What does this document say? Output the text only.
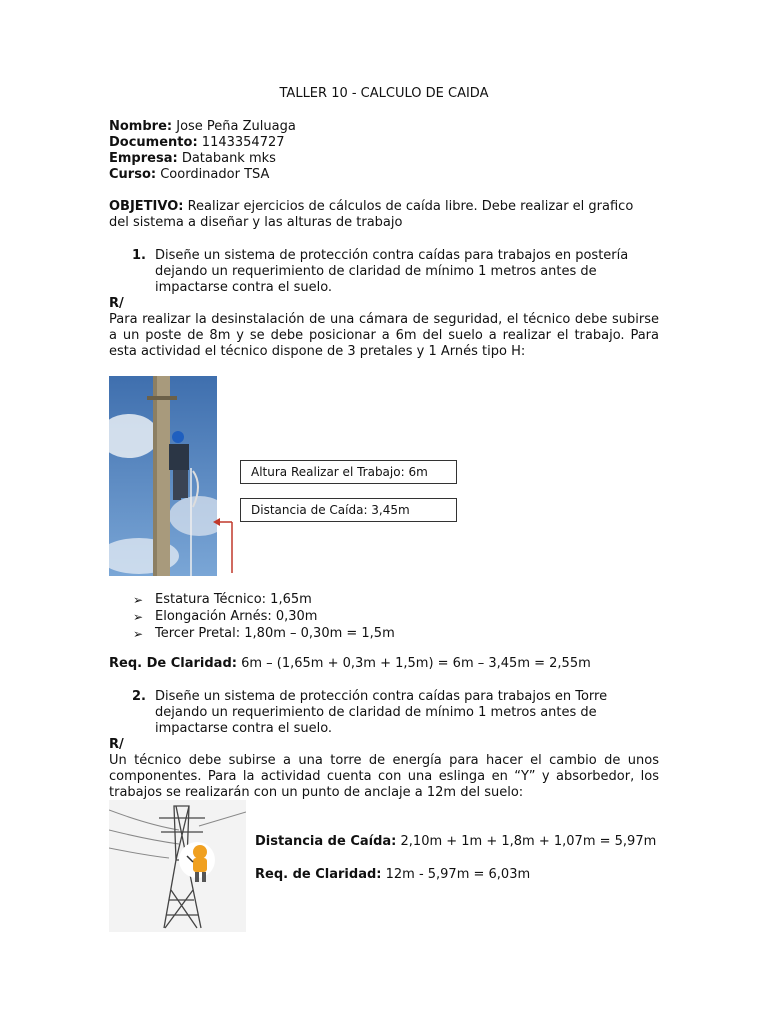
TALLER 10 - CALCULO DE CAIDA
Nombre: Jose Peña Zuluaga
Documento: 1143354727
Empresa: Databank mks
Curso: Coordinador TSA
OBJETIVO: Realizar ejercicios de cálculos de caída libre. Debe realizar el grafico
del sistema a diseñar y las alturas de trabajo
1. Diseñe un sistema de protección contra caídas para trabajos en postería dejando un requerimiento de claridad de mínimo 1 metros antes de impactarse contra el suelo.
R/
Para realizar la desinstalación de una cámara de seguridad, el técnico debe subirse a un poste de 8m y se debe posicionar a 6m del suelo a realizar el trabajo. Para esta actividad el técnico dispone de 3 pretales y 1 Arnés tipo H:
Altura Realizar el Trabajo: 6m
Distancia de Caída: 3,45m
➢ Estatura Técnico: 1,65m
➢ Elongación Arnés: 0,30m
➢ Tercer Pretal: 1,80m – 0,30m = 1,5m
Req. De Claridad: 6m – (1,65m + 0,3m + 1,5m) = 6m – 3,45m = 2,55m
2. Diseñe un sistema de protección contra caídas para trabajos en Torre dejando un requerimiento de claridad de mínimo 1 metros antes de impactarse contra el suelo.
R/
Un técnico debe subirse a una torre de energía para hacer el cambio de unos componentes. Para la actividad cuenta con una eslinga en “Y” y absorbedor, los trabajos se realizarán con un punto de anclaje a 12m del suelo:
Distancia de Caída: 2,10m + 1m + 1,8m + 1,07m = 5,97m
Req. de Claridad: 12m - 5,97m = 6,03m
